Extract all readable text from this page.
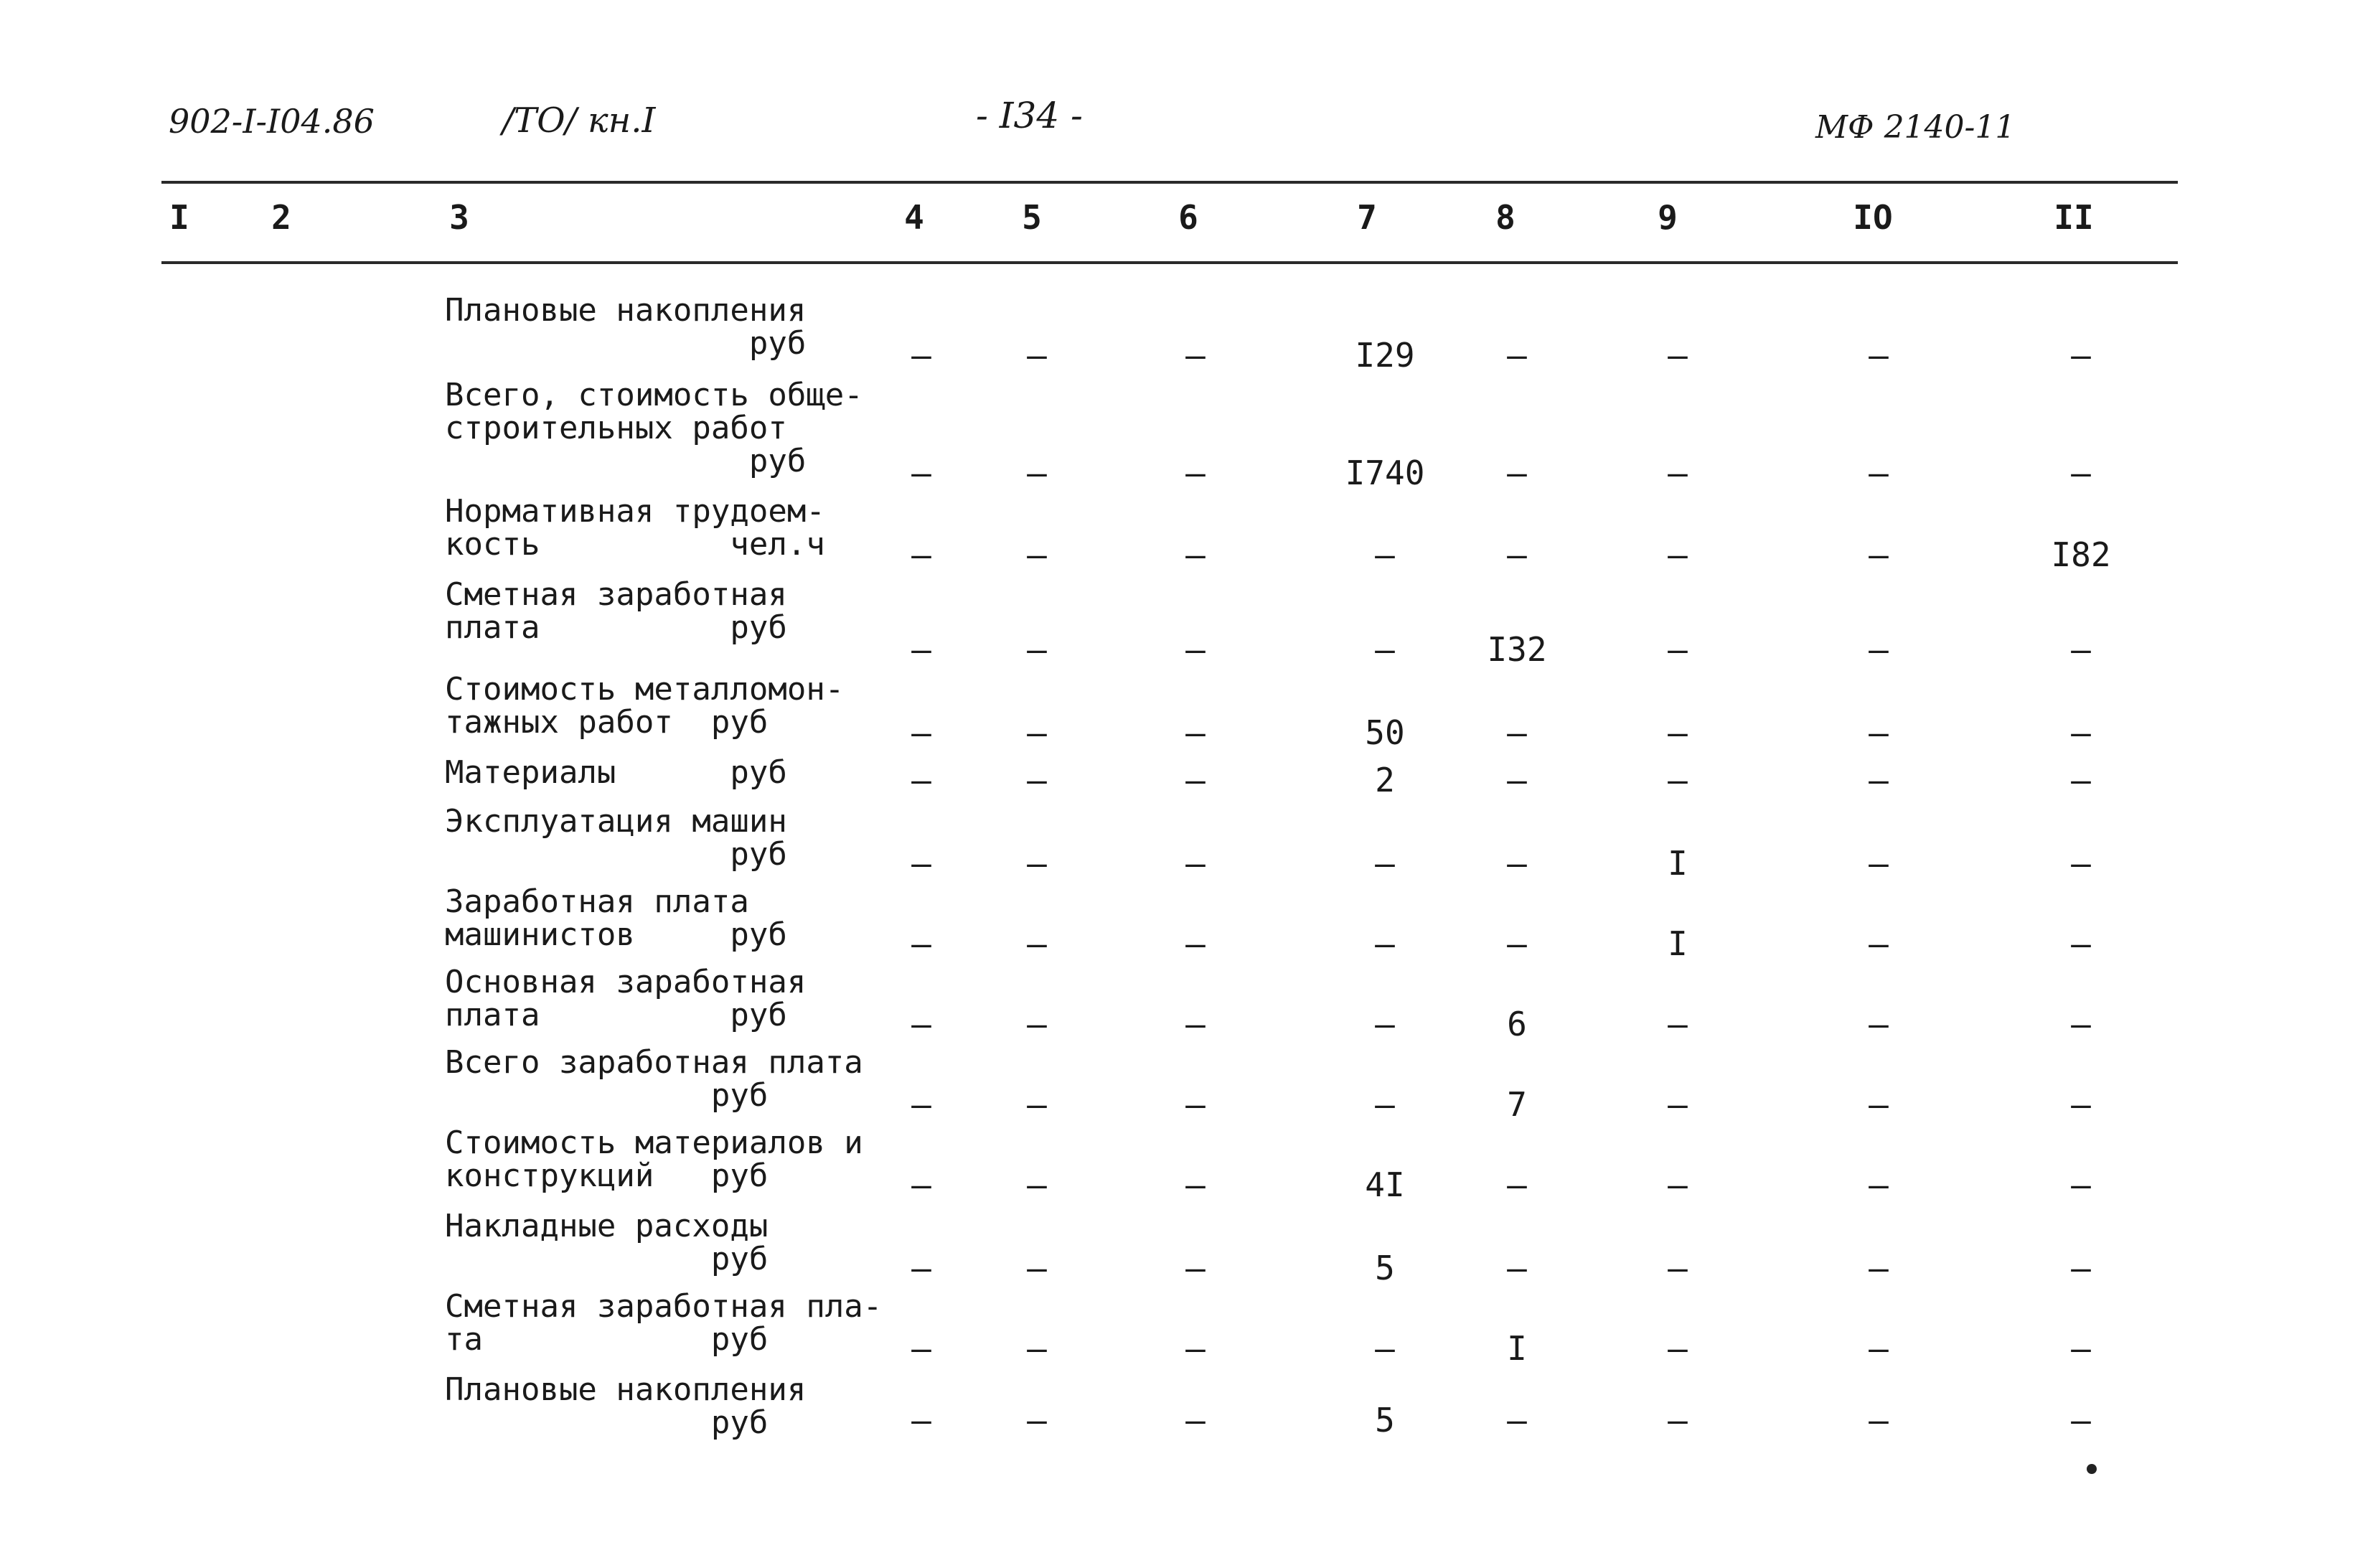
902-I-I04.86	/TO/ кн.I	- I34 -	МФ 2140-11
I 2	3	4	5	6	7	8	9	IO	II
Плановые накопления
руб	–	–	–	I29	–	–	–	–
Всего, стоимость обще-
строительных работ
руб	–	–	–	I740 –	–	–	–
Нормативная трудоем-
кость          чел.ч	–	–	–	–	–	–	–	I82
Сметная заработная
плата          руб
–	–	–	–	I32	–	–	–
Стоимость металломон-
тажных работ  руб	–	–	–	50	–	–	–	–
Материалы      руб	–	–	–	2	–	–	–	–
Эксплуатация машин
руб	–	–	–	–	–	I	–	–
Заработная плата
машинистов     руб	–	–	–	–	–	I	–	–
Основная заработная
плата          руб	–	–	–	–	6	–	–	–
Всего заработная плата
руб	–	–	–	–	7	–	–	–
Стоимость материалов и
конструкций   руб	–	–	–	4I	–	–	–	–
Накладные расходы
руб	–	–	–	5	–	–	–	–
Сметная заработная пла-
та            руб	–	–	–	–	I	–	–	–
Плановые накопления
руб	–	–	–	5	–	–	–	–
